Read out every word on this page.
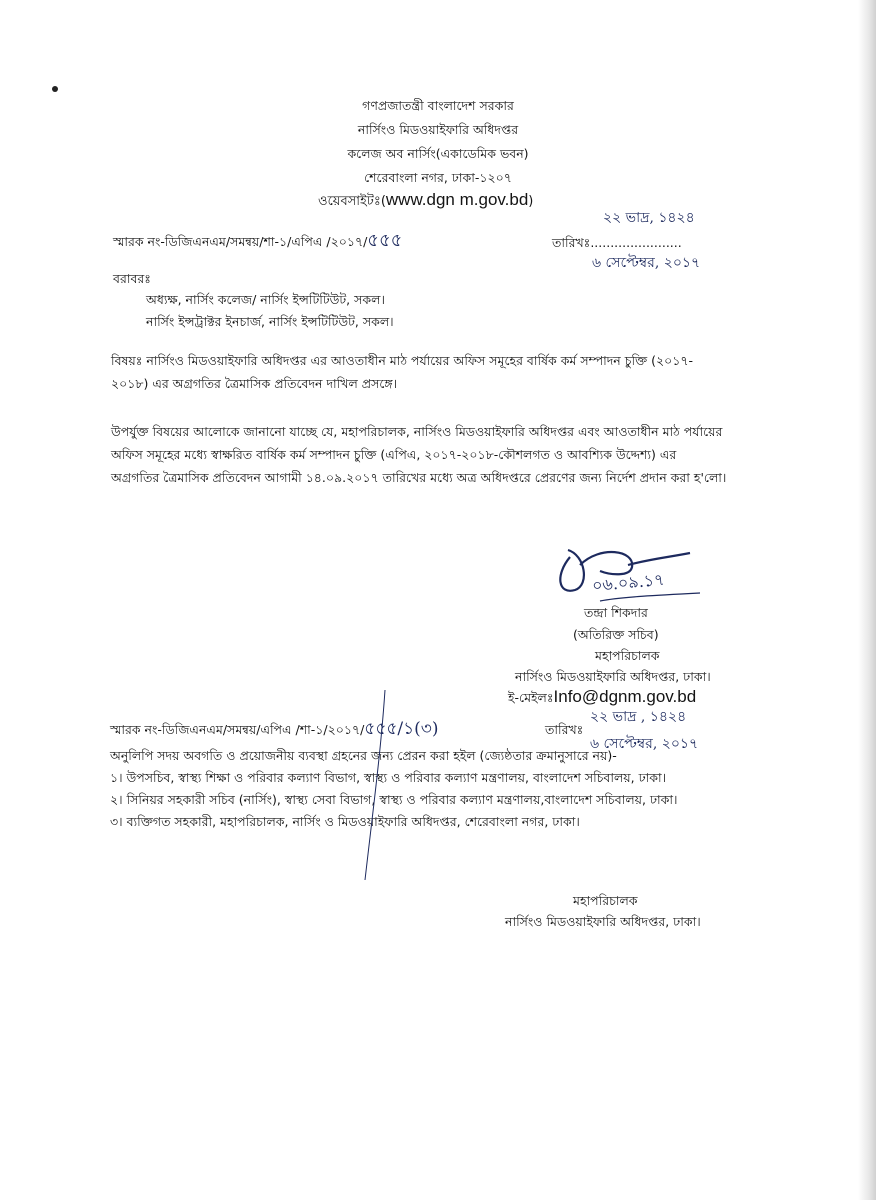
গণপ্রজাতন্ত্রী বাংলাদেশ সরকার
নার্সিংও মিডওয়াইফারি অধিদপ্তর
কলেজ অব নার্সিং(একাডেমিক ভবন)
শেরেবাংলা নগর, ঢাকা-১২০৭
ওয়েবসাইটঃ(www.dgn m.gov.bd)
স্মারক নং-ডিজিএনএম/সমন্বয়/শা-১/এপিএ /২০১৭/৫৫৫
২২ ভাদ্র, ১৪২৪
তারিখঃ.......................
৬ সেপ্টেম্বর, ২০১৭
বরাবরঃ
অধ্যক্ষ, নার্সিং কলেজ/ নার্সিং ইন্সটিটিউট, সকল।
নার্সিং ইন্সট্রাক্টর ইনচার্জ, নার্সিং ইন্সটিটিউট, সকল।
বিষয়ঃ নার্সিংও মিডওয়াইফারি অধিদপ্তর এর আওতাধীন মাঠ পর্যায়ের অফিস সমূহের বার্ষিক কর্ম সম্পাদন চুক্তি (২০১৭-
২০১৮) এর অগ্রগতির ত্রৈমাসিক প্রতিবেদন দাখিল প্রসঙ্গে।
উপর্যুক্ত বিষয়ের আলোকে জানানো যাচ্ছে যে, মহাপরিচালক, নার্সিংও মিডওয়াইফারি অধিদপ্তর এবং আওতাধীন মাঠ পর্যায়ের
অফিস সমূহের মধ্যে স্বাক্ষরিত বার্ষিক কর্ম সম্পাদন চুক্তি (এপিএ, ২০১৭-২০১৮-কৌশলগত ও আবশ্যিক উদ্দেশ্য) এর
অগ্রগতির ত্রৈমাসিক প্রতিবেদন আগামী ১৪.০৯.২০১৭ তারিখের মধ্যে অত্র অধিদপ্তরে প্রেরণের জন্য নির্দেশ প্রদান করা হ'লো।
০৬.০৯.১৭
তন্দ্রা শিকদার
(অতিরিক্ত সচিব)
মহাপরিচালক
নার্সিংও মিডওয়াইফারি অধিদপ্তর, ঢাকা।
ই-মেইলঃInfo@dgnm.gov.bd
স্মারক নং-ডিজিএনএম/সমন্বয়/এপিএ /শা-১/২০১৭/৫৫৫/১(৩)	তারিখঃ
২২ ভাদ্র , ১৪২৪
৬ সেপ্টেম্বর, ২০১৭
অনুলিপি সদয় অবগতি ও প্রয়োজনীয় ব্যবস্থা গ্রহনের জন্য প্রেরন করা হইল (জ্যেষ্ঠতার ক্রমানুসারে নয়)-
১। উপসচিব, স্বাস্থ্য শিক্ষা ও পরিবার কল্যাণ বিভাগ, স্বাস্থ্য ও পরিবার কল্যাণ মন্ত্রণালয়, বাংলাদেশ সচিবালয়, ঢাকা।
২। সিনিয়র সহকারী সচিব (নার্সিং), স্বাস্থ্য সেবা বিভাগ, স্বাস্থ্য ও পরিবার কল্যাণ মন্ত্রণালয়,বাংলাদেশ সচিবালয়, ঢাকা।
৩। ব্যক্তিগত সহকারী, মহাপরিচালক, নার্সিং ও মিডওয়াইফারি অধিদপ্তর, শেরেবাংলা নগর, ঢাকা।
মহাপরিচালক
নার্সিংও মিডওয়াইফারি অধিদপ্তর, ঢাকা।
